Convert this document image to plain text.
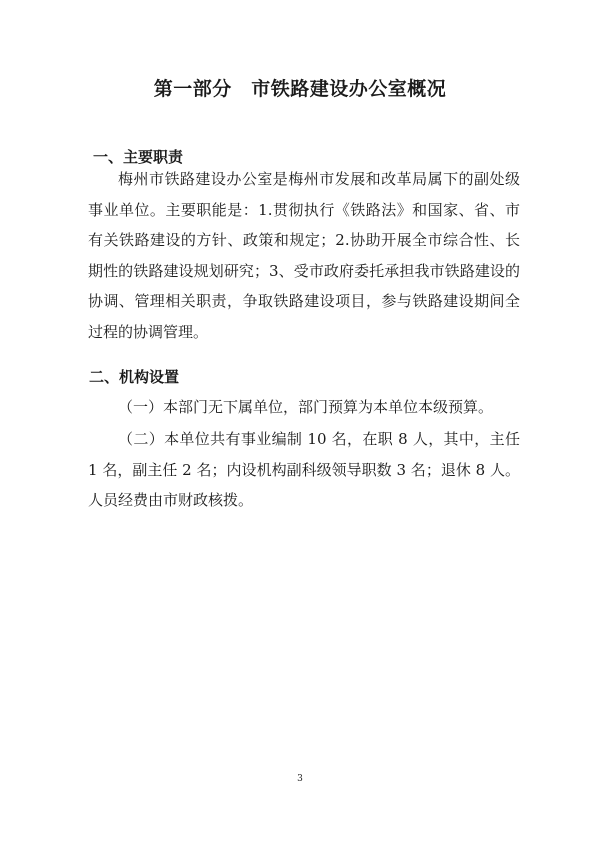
第一部分　市铁路建设办公室概况
一、主要职责
梅州市铁路建设办公室是梅州市发展和改革局属下的副处级事业单位。主要职能是：1.贯彻执行《铁路法》和国家、省、市有关铁路建设的方针、政策和规定；2.协助开展全市综合性、长期性的铁路建设规划研究；3、受市政府委托承担我市铁路建设的协调、管理相关职责，争取铁路建设项目，参与铁路建设期间全过程的协调管理。
二、机构设置
（一）本部门无下属单位，部门预算为本单位本级预算。
（二）本单位共有事业编制 10 名，在职 8 人，其中，主任 1 名，副主任 2 名；内设机构副科级领导职数 3 名；退休 8 人。人员经费由市财政核拨。
3
